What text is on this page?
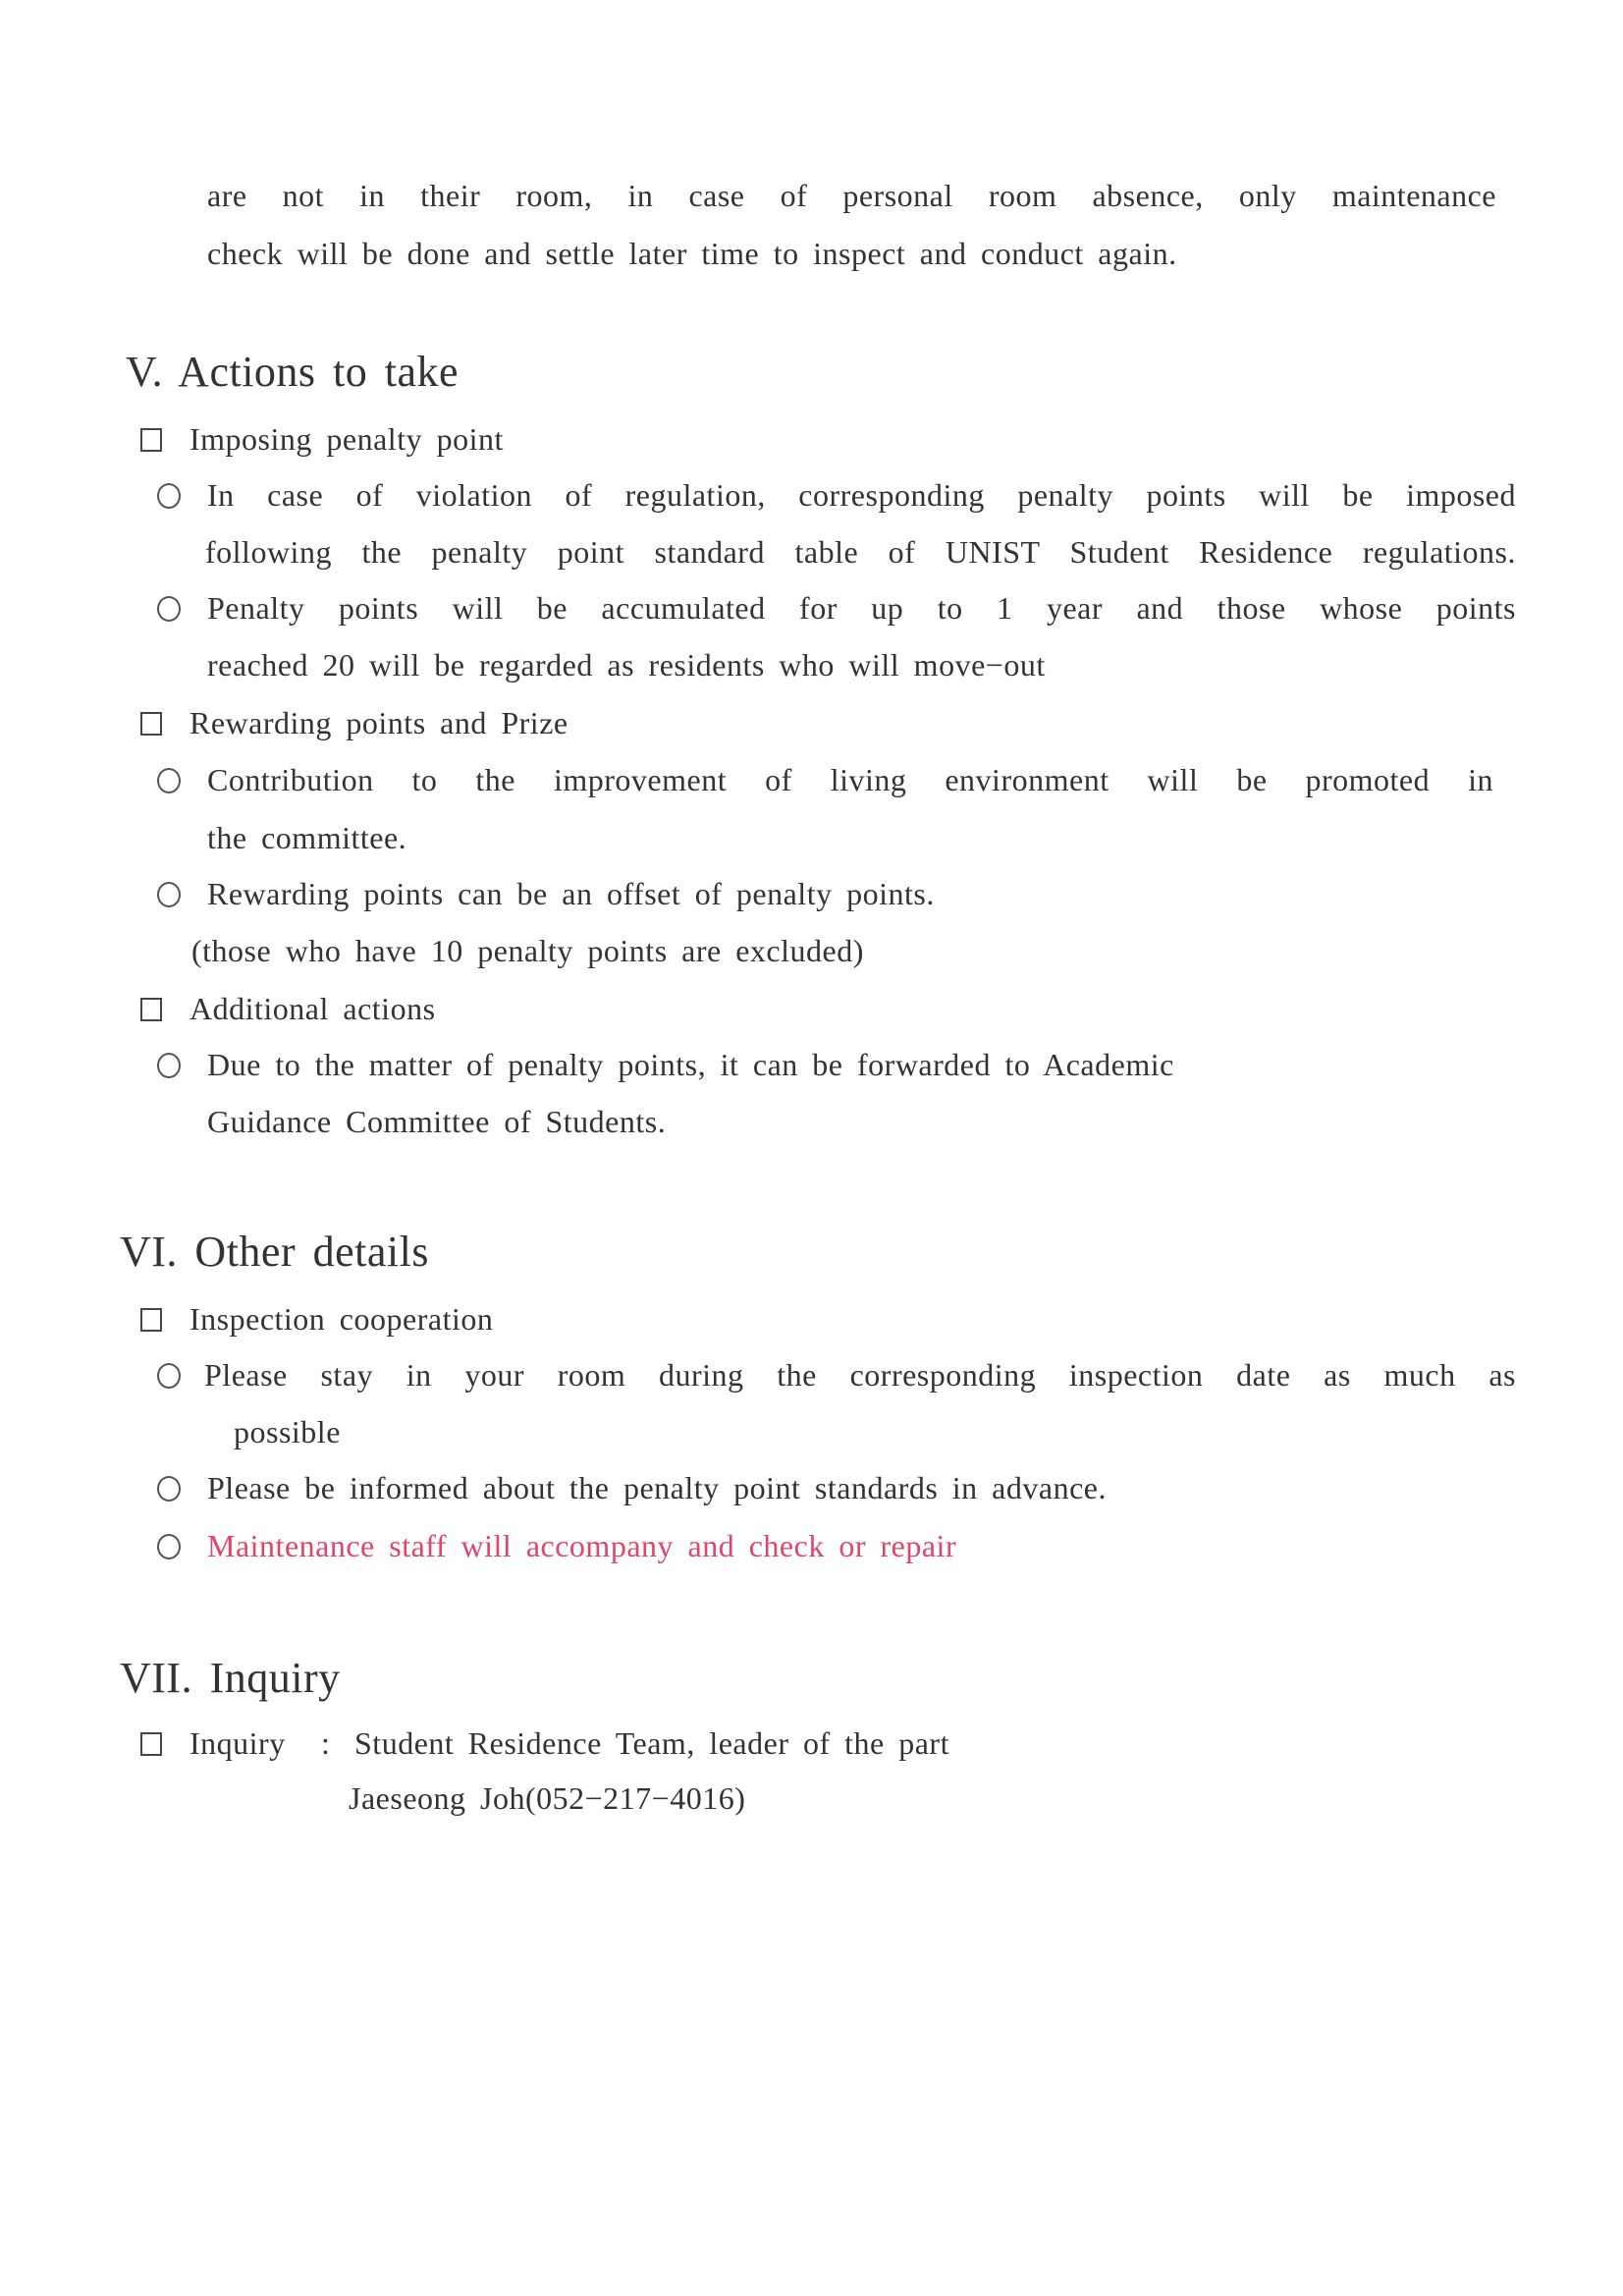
are not in their room, in case of personal room absence, only maintenance
check will be done and settle later time to inspect and conduct again.
V. Actions to take
Imposing penalty point
In case of violation of regulation, corresponding penalty points will be imposed
following the penalty point standard table of UNIST Student Residence regulations.
Penalty points will be accumulated for up to 1 year and those whose points
reached 20 will be regarded as residents who will move−out
Rewarding points and Prize
Contribution to the improvement of living environment will be promoted in
the committee.
Rewarding points can be an offset of penalty points.
(those who have 10 penalty points are excluded)
Additional actions
Due to the matter of penalty points, it can be forwarded to Academic
Guidance Committee of Students.
VI. Other details
Inspection cooperation
Please stay in your room during the corresponding inspection date as much as
possible
Please be informed about the penalty point standards in advance.
Maintenance staff will accompany and check or repair
VII. Inquiry
Inquiry : Student Residence Team, leader of the part
Jaeseong Joh(052−217−4016)
